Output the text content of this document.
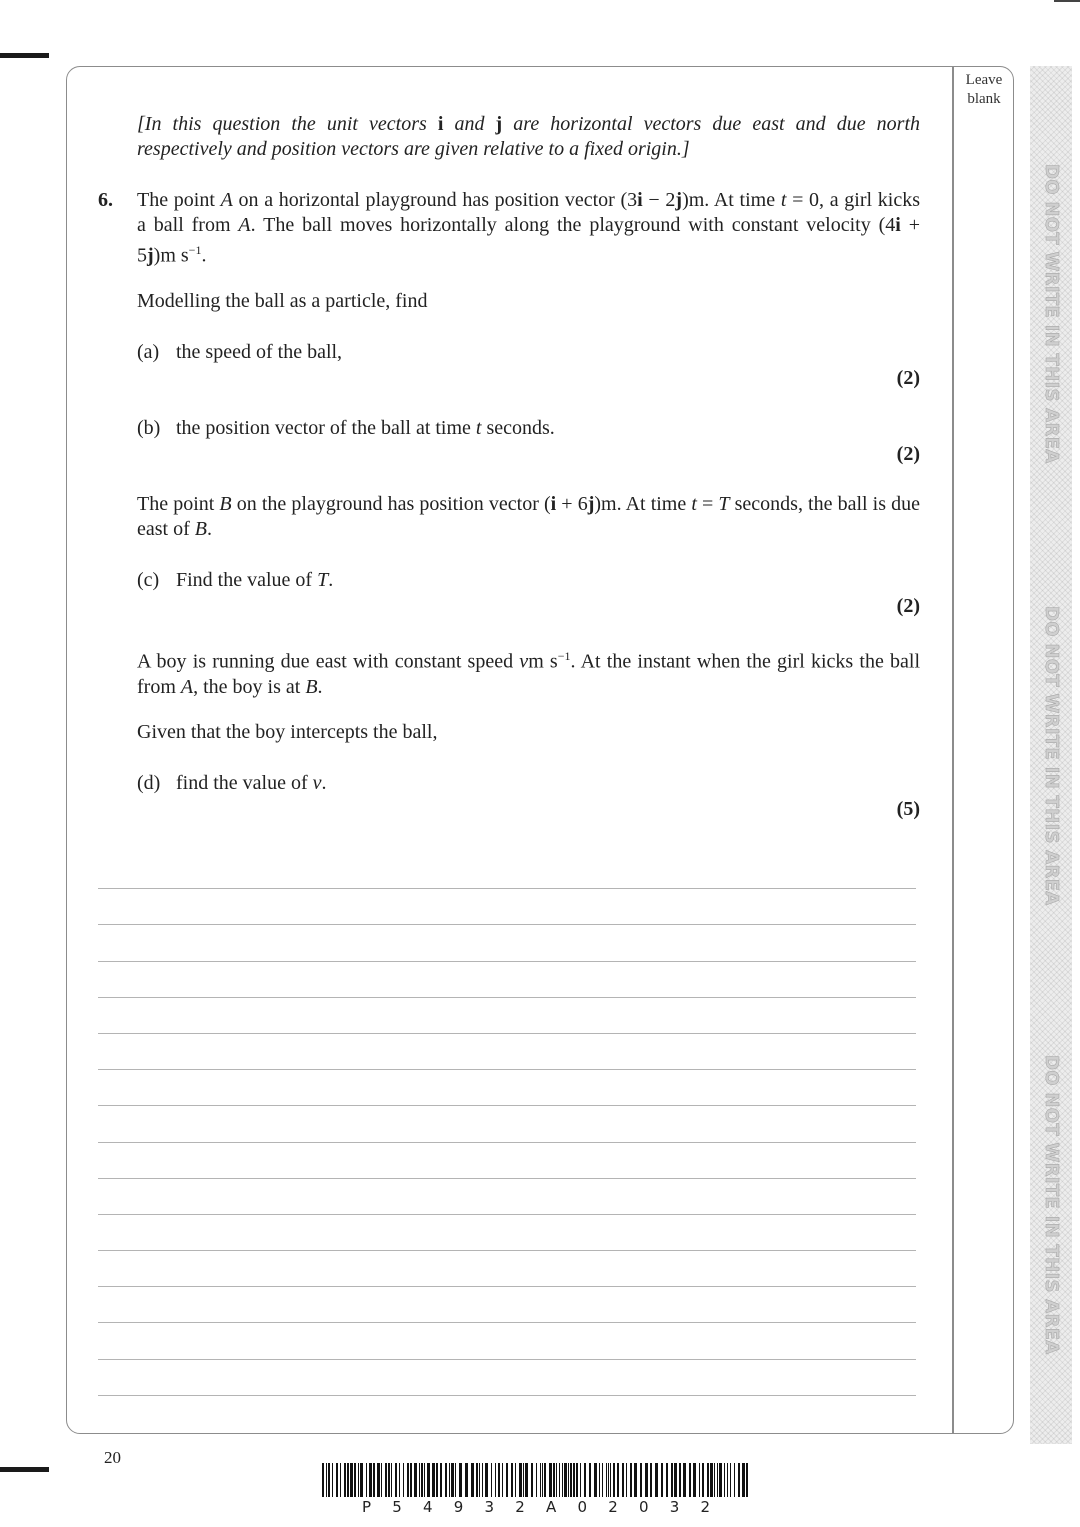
Leave blank
DO NOT WRITE IN THIS AREA
DO NOT WRITE IN THIS AREA
DO NOT WRITE IN THIS AREA

[In this question the unit vectors i and j are horizontal vectors due east and due north respectively and position vectors are given relative to a fixed origin.]

6. The point A on a horizontal playground has position vector (3i − 2j)m. At time t = 0, a girl kicks a ball from A. The ball moves horizontally along the playground with constant velocity (4i + 5j)m $s^{-1}$.

Modelling the ball as a particle, find

(a) the speed of the ball,

(2)

(b) the position vector of the ball at time t seconds.

(2)

The point B on the playground has position vector (i + 6j)m. At time t = T seconds, the ball is due east of B.

(c) Find the value of T.

(2)

A boy is running due east with constant speed vm $s^{-1}$. At the instant when the girl kicks the ball from A, the boy is at B.

Given that the boy intercepts the ball,

(d) find the value of v.

(5)
20
P 5 4 9 3 2 A 0 2 0 3 2
